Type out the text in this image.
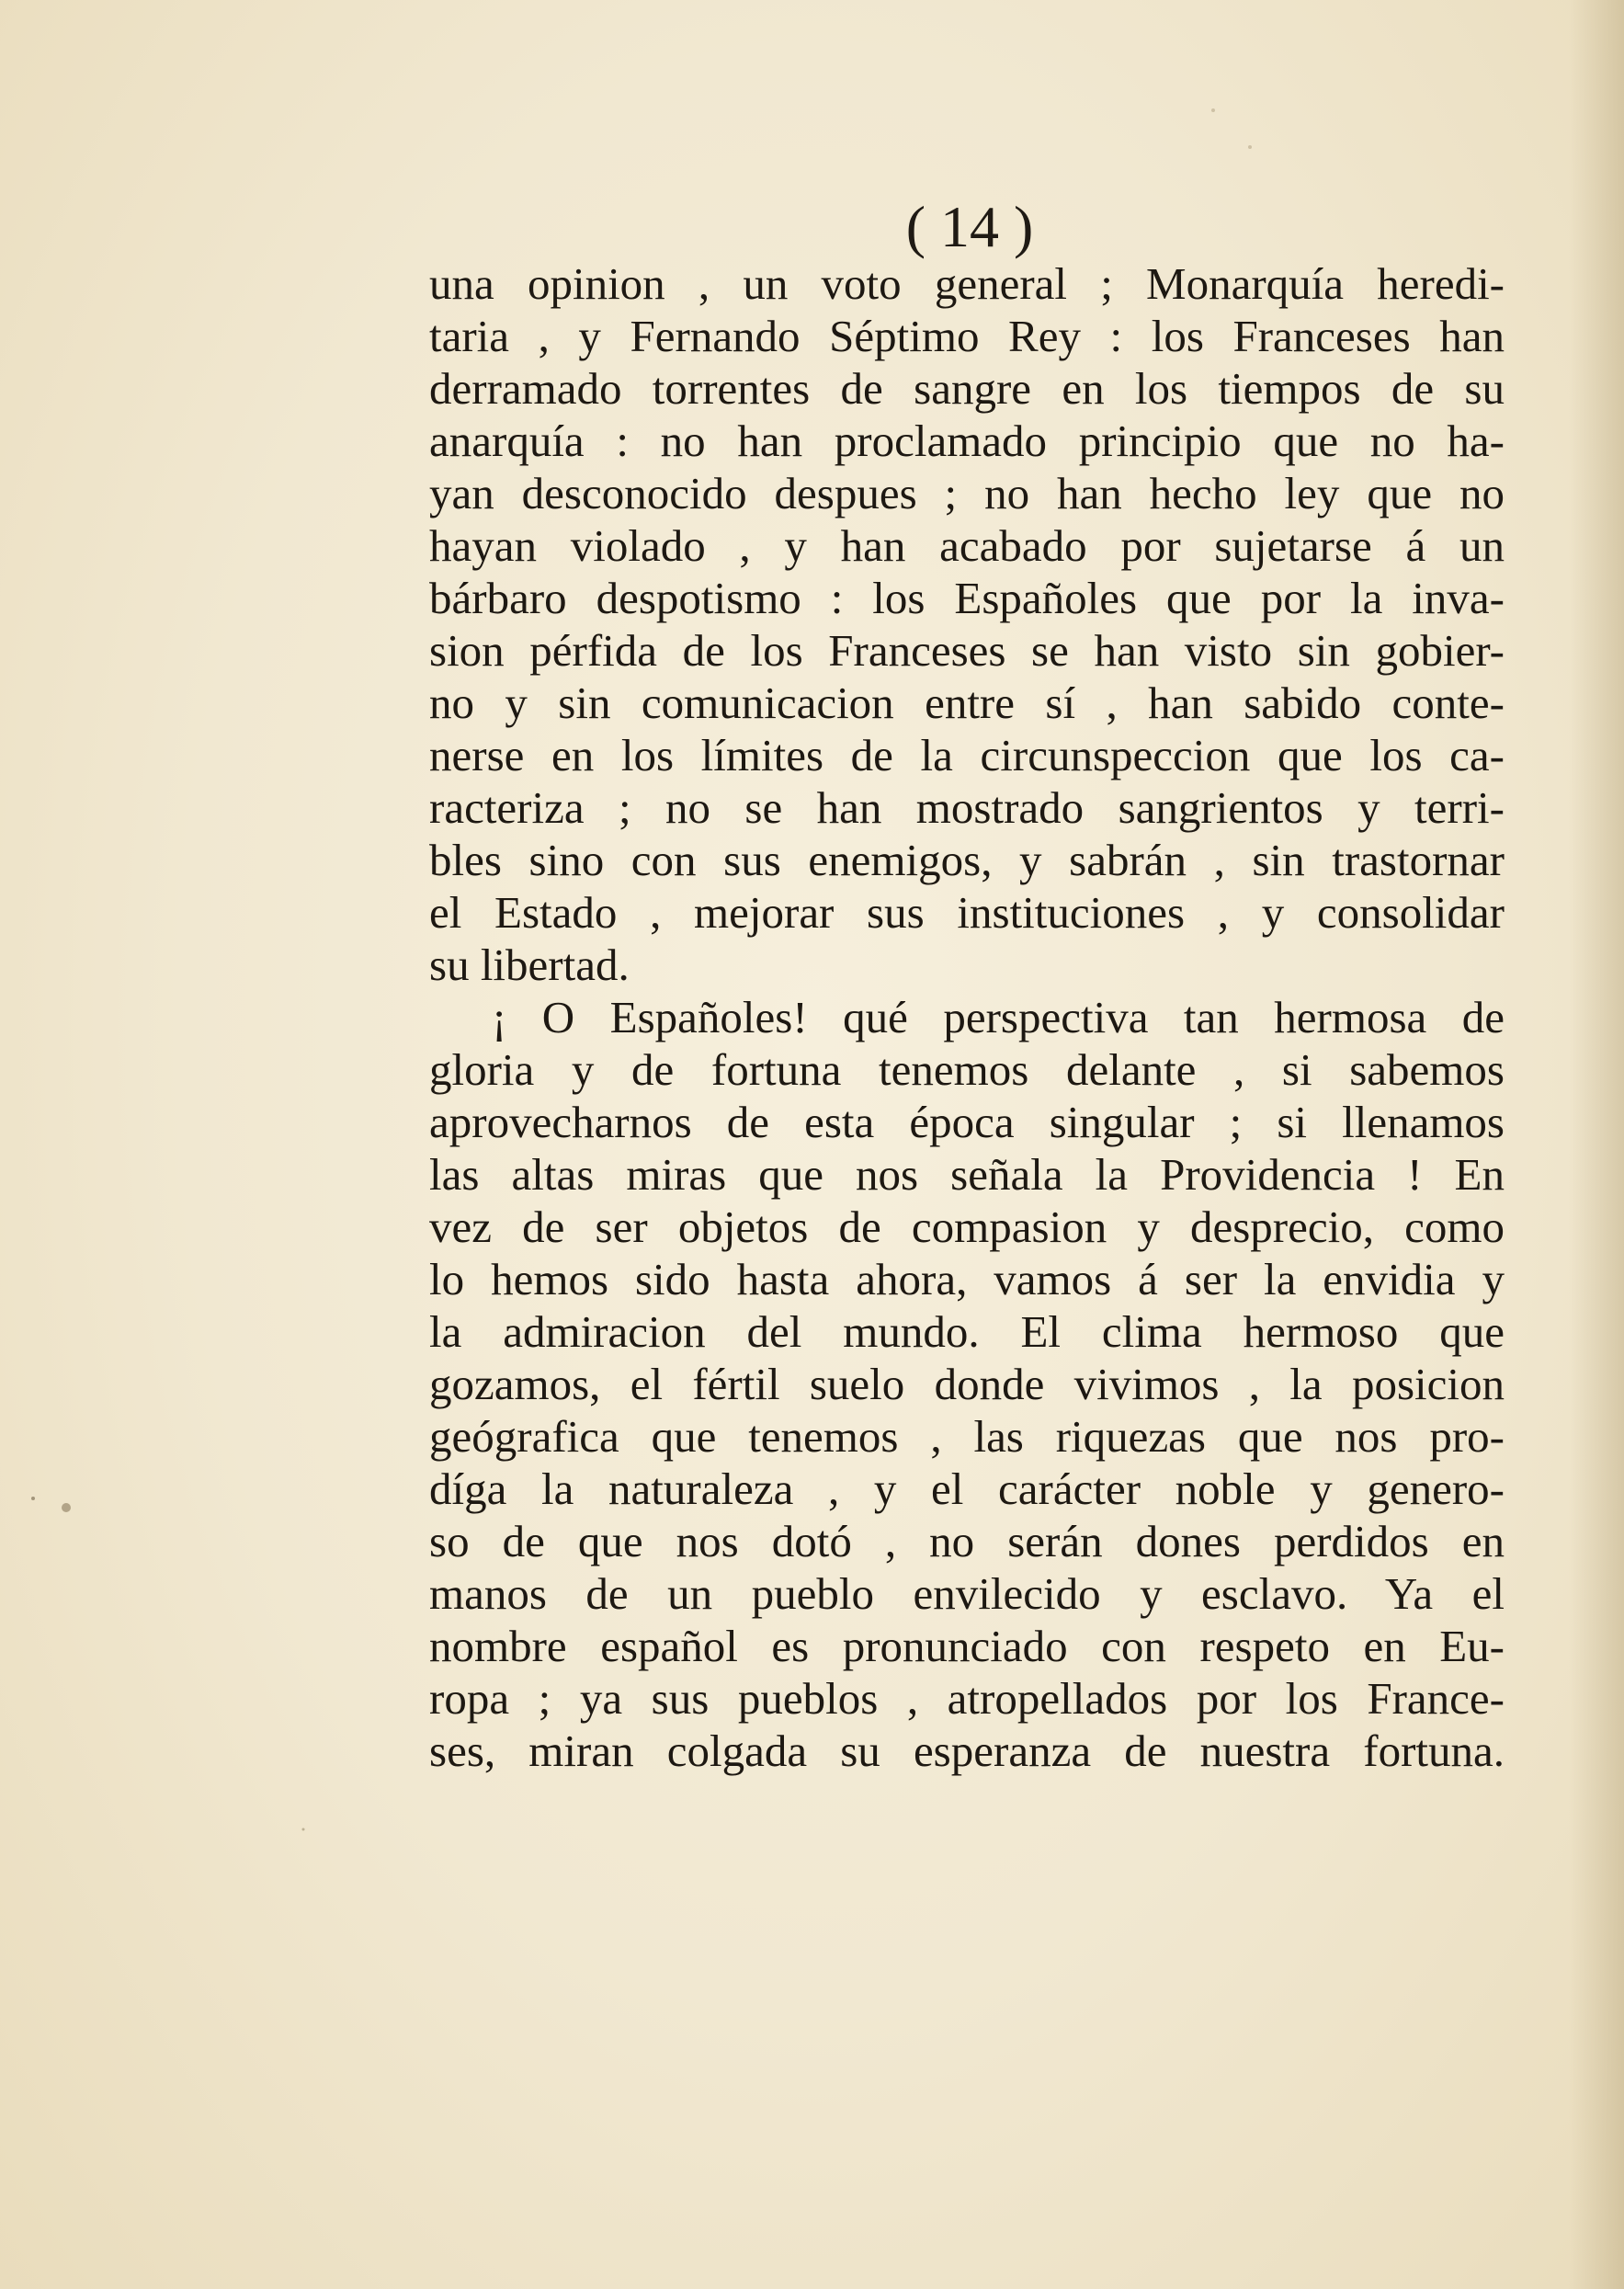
( 14 )
una opinion , un voto general ; Monarquía heredi-
taria , y Fernando Séptimo Rey : los Franceses han
derramado torrentes de sangre en los tiempos de su
anarquía : no han proclamado principio que no ha-
yan desconocido despues ; no han hecho ley que no
hayan violado , y han acabado por sujetarse á un
bárbaro despotismo : los Españoles que por la inva-
sion pérfida de los Franceses se han visto sin gobier-
no y sin comunicacion entre sí , han sabido conte-
nerse en los límites de la circunspeccion que los ca-
racteriza ; no se han mostrado sangrientos y terri-
bles sino con sus enemigos, y sabrán , sin trastornar
el Estado , mejorar sus instituciones , y consolidar
su libertad.
¡ O Españoles! qué perspectiva tan hermosa de
gloria y de fortuna tenemos delante , si sabemos
aprovecharnos de esta época singular ; si llenamos
las altas miras que nos señala la Providencia ! En
vez de ser objetos de compasion y desprecio, como
lo hemos sido hasta ahora, vamos á ser la envidia y
la admiracion del mundo. El clima hermoso que
gozamos, el fértil suelo donde vivimos , la posicion
geógrafica que tenemos , las riquezas que nos pro-
díga la naturaleza , y el carácter noble y genero-
so de que nos dotó , no serán dones perdidos en
manos de un pueblo envilecido y esclavo. Ya el
nombre español es pronunciado con respeto en Eu-
ropa ; ya sus pueblos , atropellados por los France-
ses, miran colgada su esperanza de nuestra fortuna.
